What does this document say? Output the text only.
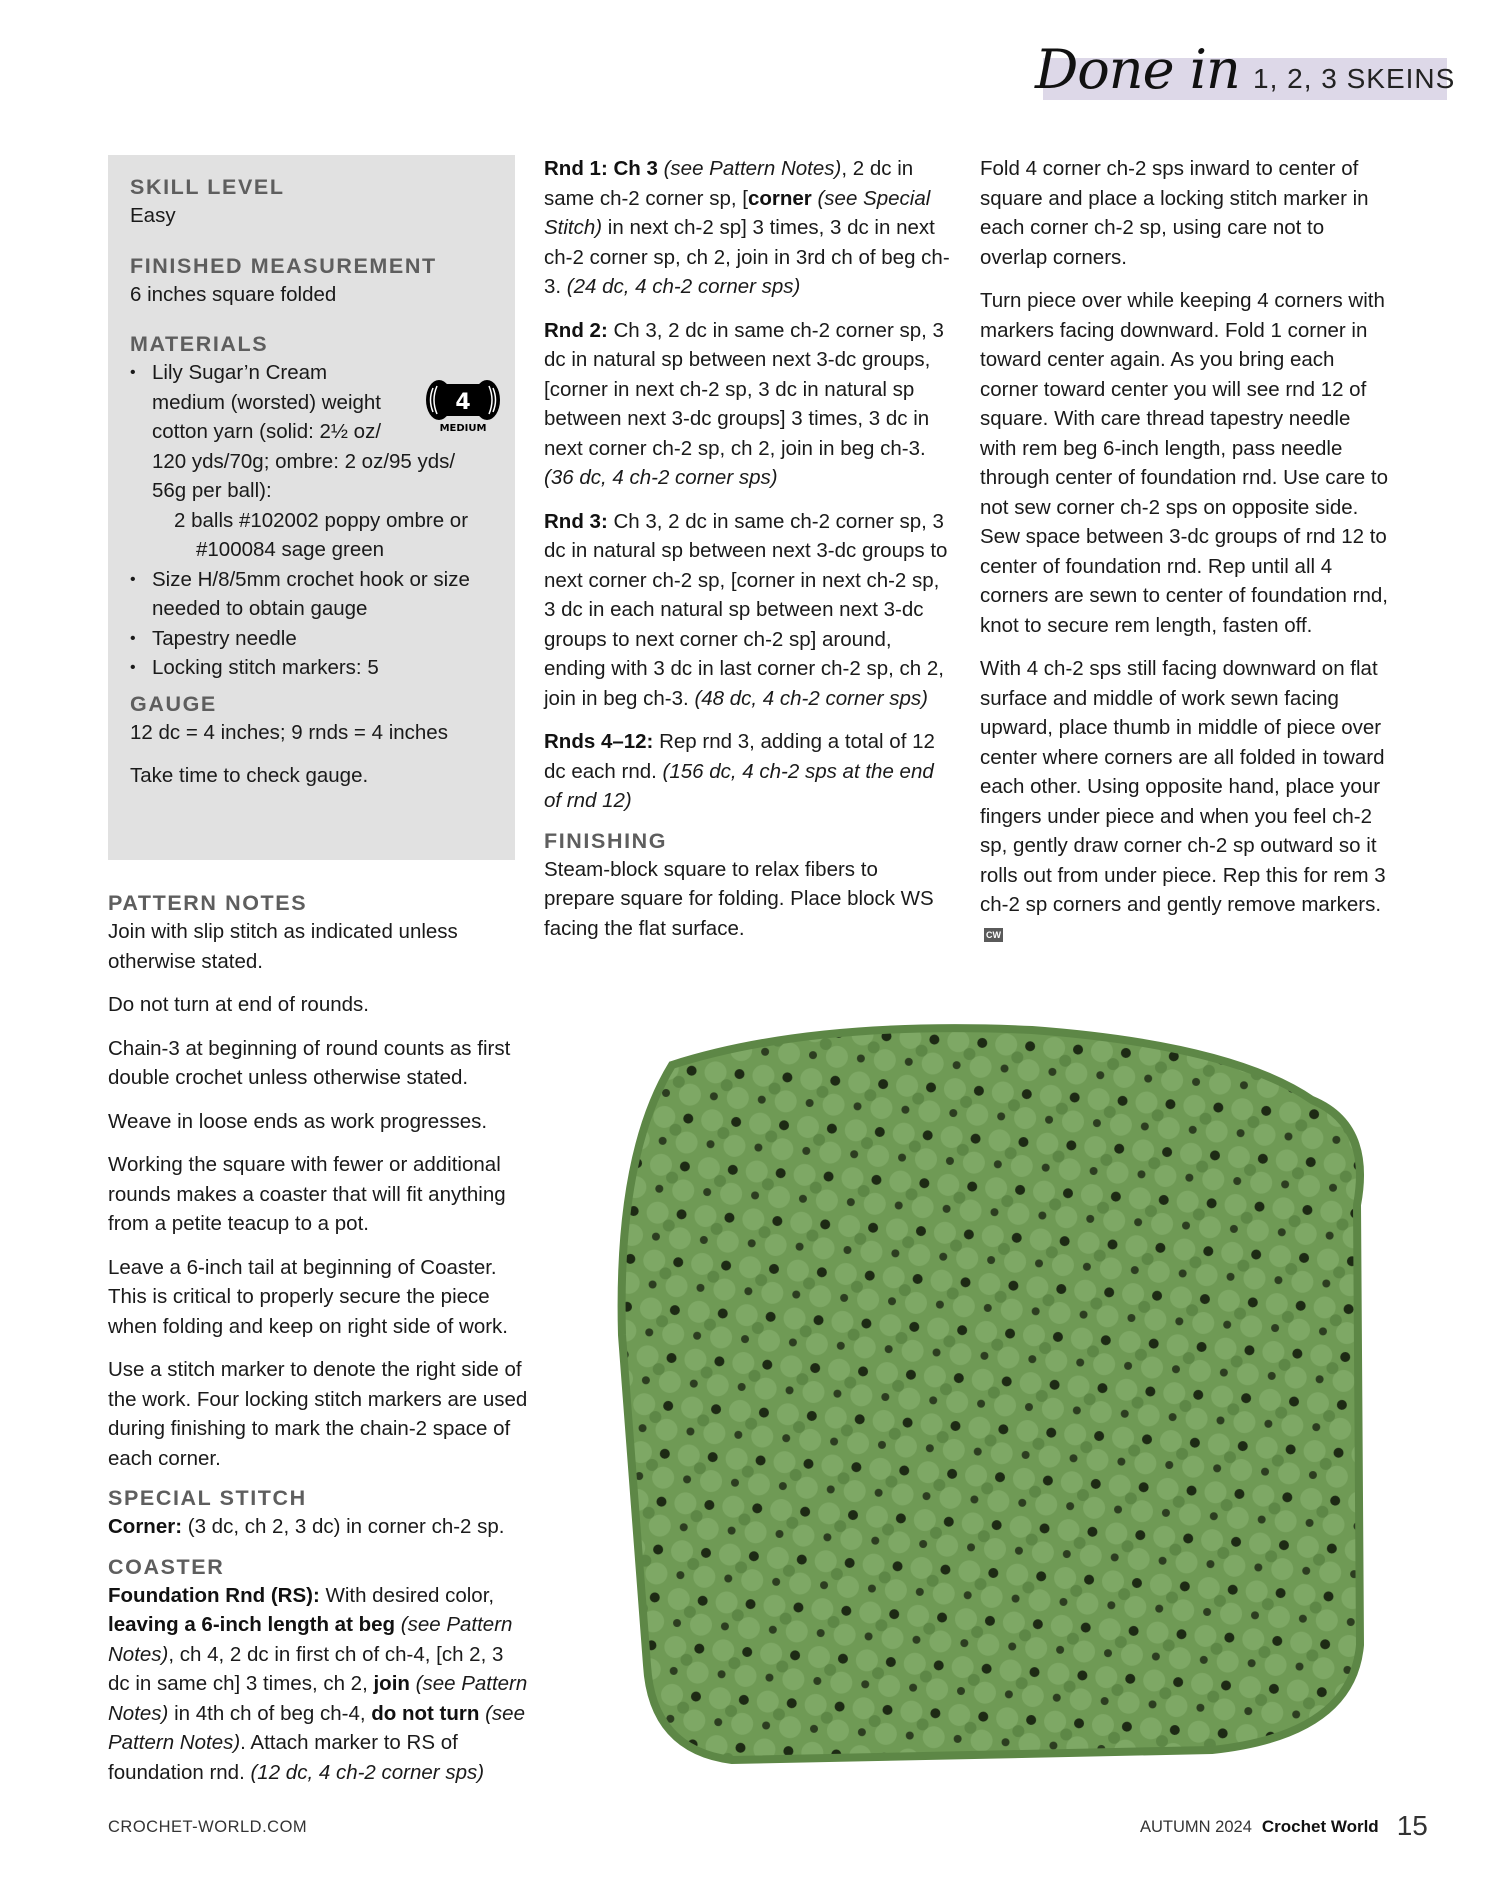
Done in 1, 2, 3 SKEINS

SKILL LEVEL

Easy

FINISHED MEASUREMENT

6 inches square folded

MATERIALS

• Lily Sugar’n Cream
medium (worsted) weight
cotton yarn (solid: 2½ oz/
120 yds/70g; ombre: 2 oz/95 yds/
56g per ball):
2 balls #102002 poppy ombre or
#100084 sage green
• Size H/8/5mm crochet hook or size needed to obtain gauge
• Tapestry needle
• Locking stitch markers: 5

GAUGE

12 dc = 4 inches; 9 rnds = 4 inches

Take time to check gauge.

4
MEDIUM

PATTERN NOTES

Join with slip stitch as indicated unless otherwise stated.

Do not turn at end of rounds.

Chain-3 at beginning of round counts as first double crochet unless otherwise stated.

Weave in loose ends as work progresses.

Working the square with fewer or additional rounds makes a coaster that will fit anything from a petite teacup to a pot.

Leave a 6-inch tail at beginning of Coaster. This is critical to properly secure the piece when folding and keep on right side of work.

Use a stitch marker to denote the right side of the work. Four locking stitch markers are used during finishing to mark the chain-2 space of each corner.

SPECIAL STITCH

Corner: (3 dc, ch 2, 3 dc) in corner ch-2 sp.

COASTER

Foundation Rnd (RS): With desired color, leaving a 6-inch length at beg (see Pattern Notes), ch 4, 2 dc in first ch of ch-4, [ch 2, 3 dc in same ch] 3 times, ch 2, join (see Pattern Notes) in 4th ch of beg ch-4, do not turn (see Pattern Notes). Attach marker to RS of foundation rnd. (12 dc, 4 ch-2 corner sps)

Rnd 1: Ch 3 (see Pattern Notes), 2 dc in same ch-2 corner sp, [corner (see Special Stitch) in next ch-2 sp] 3 times, 3 dc in next ch-2 corner sp, ch 2, join in 3rd ch of beg ch-3. (24 dc, 4 ch-2 corner sps)

Rnd 2: Ch 3, 2 dc in same ch-2 corner sp, 3 dc in natural sp between next 3-dc groups, [corner in next ch-2 sp, 3 dc in natural sp between next 3-dc groups] 3 times, 3 dc in next corner ch-2 sp, ch 2, join in beg ch-3. (36 dc, 4 ch-2 corner sps)

Rnd 3: Ch 3, 2 dc in same ch-2 corner sp, 3 dc in natural sp between next 3-dc groups to next corner ch-2 sp, [corner in next ch-2 sp, 3 dc in each natural sp between next 3-dc groups to next corner ch-2 sp] around, ending with 3 dc in last corner ch-2 sp, ch 2, join in beg ch-3. (48 dc, 4 ch-2 corner sps)

Rnds 4–12: Rep rnd 3, adding a total of 12 dc each rnd. (156 dc, 4 ch-2 sps at the end of rnd 12)

FINISHING

Steam-block square to relax fibers to prepare square for folding. Place block WS facing the flat surface.

Fold 4 corner ch-2 sps inward to center of square and place a locking stitch marker in each corner ch-2 sp, using care not to overlap corners.

Turn piece over while keeping 4 corners with markers facing downward. Fold 1 corner in toward center again. As you bring each corner toward center you will see rnd 12 of square. With care thread tapestry needle with rem beg 6-inch length, pass needle through center of foundation rnd. Use care to not sew corner ch-2 sps on opposite side. Sew space between 3-dc groups of rnd 12 to center of foundation rnd. Rep until all 4 corners are sewn to center of foundation rnd, knot to secure rem length, fasten off.

With 4 ch-2 sps still facing downward on flat surface and middle of work sewn facing upward, place thumb in middle of piece over center where corners are all folded in toward each other. Using opposite hand, place your fingers under piece and when you feel ch-2 sp, gently draw corner ch-2 sp outward so it rolls out from under piece. Rep this for rem 3 ch-2 sp corners and gently remove markers.CW

CROCHET-WORLD.COM	AUTUMN 2024 Crochet World 15
